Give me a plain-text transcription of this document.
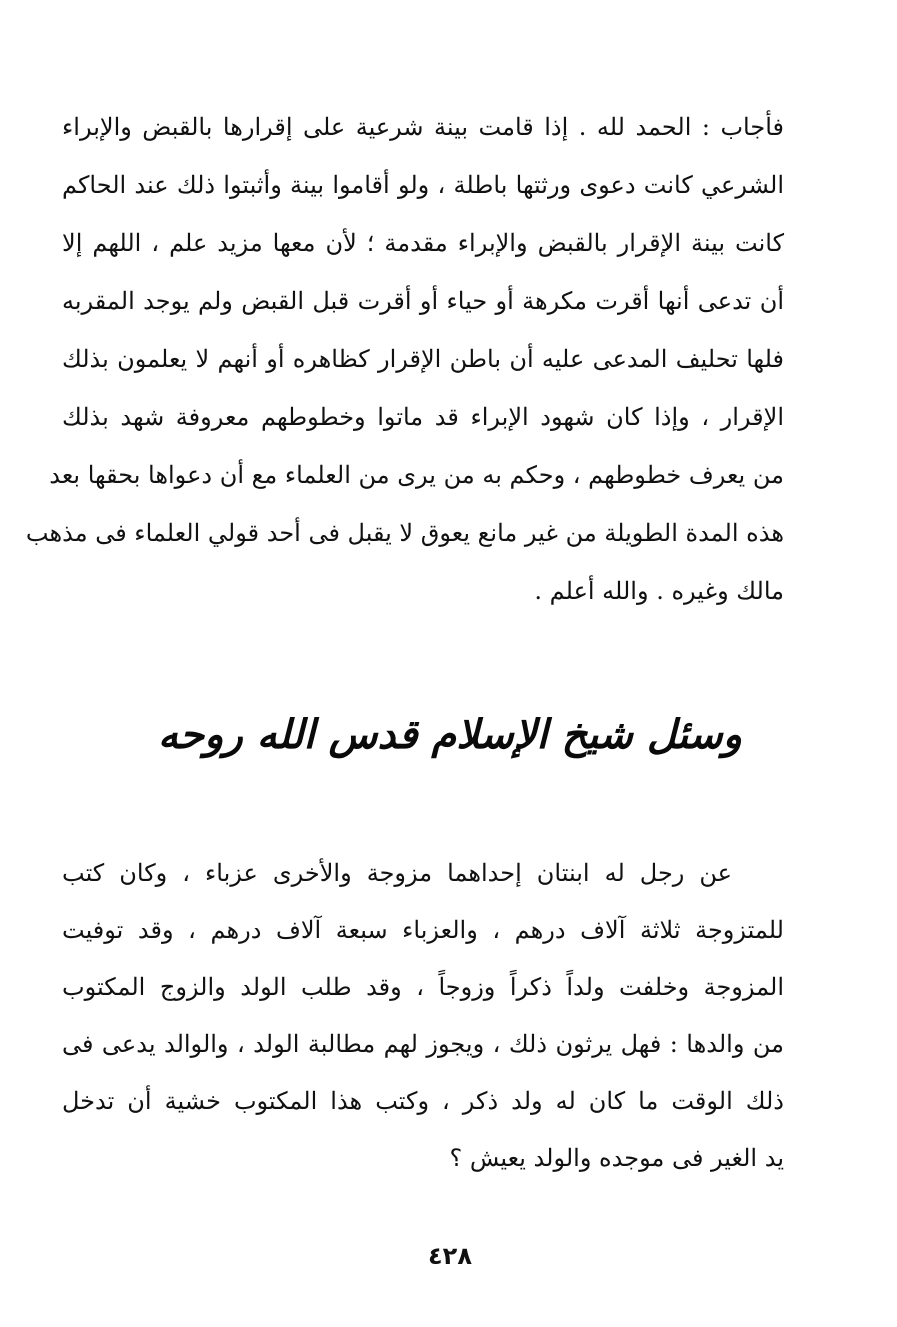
فأجاب : الحمد لله . إذا قامت بينة شرعية على إقرارها بالقبض والإبراء
الشرعي كانت دعوى ورثتها باطلة ، ولو أقاموا بينة وأثبتوا ذلك عند الحاكم
كانت بينة الإقرار بالقبض والإبراء مقدمة ؛ لأن معها مزيد علم ، اللهم إلا
أن تدعى أنها أقرت مكرهة أو حياء أو أقرت قبل القبض ولم يوجد المقربه
فلها تحليف المدعى عليه أن باطن الإقرار كظاهره أو أنهم لا يعلمون بذلك
الإقرار ، وإذا كان شهود الإبراء قد ماتوا وخطوطهم معروفة شهد بذلك
من يعرف خطوطهم ، وحكم به من يرى من العلماء مع أن دعواها بحقها بعد
هذه المدة الطويلة من غير مانع يعوق لا يقبل فى أحد قولي العلماء فى مذهب
مالك وغيره . والله أعلم .
وسئل شيخ الإسلام قدس الله روحه
عن رجل له ابنتان إحداهما مزوجة والأخرى عزباء ، وكان كتب
للمتزوجة ثلاثة آلاف درهم ، والعزباء سبعة آلاف درهم ، وقد توفيت
المزوجة وخلفت ولداً ذكراً وزوجاً ، وقد طلب الولد والزوج المكتوب
من والدها : فهل يرثون ذلك ، ويجوز لهم مطالبة الولد ، والوالد يدعى فى
ذلك الوقت ما كان له ولد ذكر ، وكتب هذا المكتوب خشية أن تدخل
يد الغير فى موجده والولد يعيش ؟
٤٢٨
